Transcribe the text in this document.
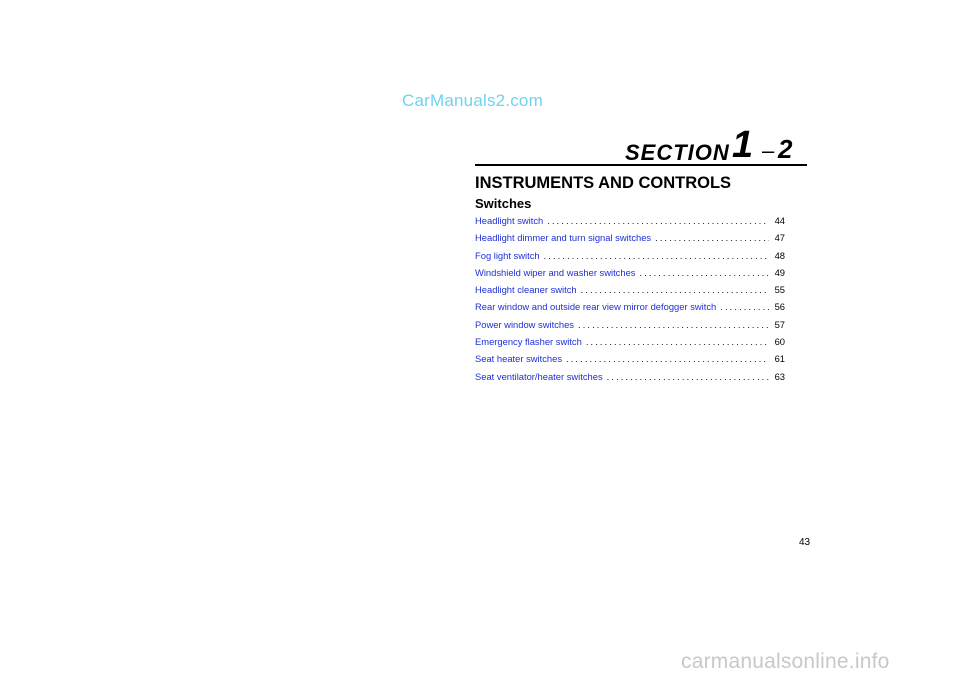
CarManuals2.com
SECTION 1 – 2
INSTRUMENTS AND CONTROLS
Switches
Headlight switch .....	44
Headlight dimmer and turn signal switches .....	47
Fog light switch .....	48
Windshield wiper and washer switches .....	49
Headlight cleaner switch .....	55
Rear window and outside rear view mirror defogger switch .....	56
Power window switches .....	57
Emergency flasher switch .....	60
Seat heater switches .....	61
Seat ventilator/heater switches .....	63
43
carmanualsonline.info
